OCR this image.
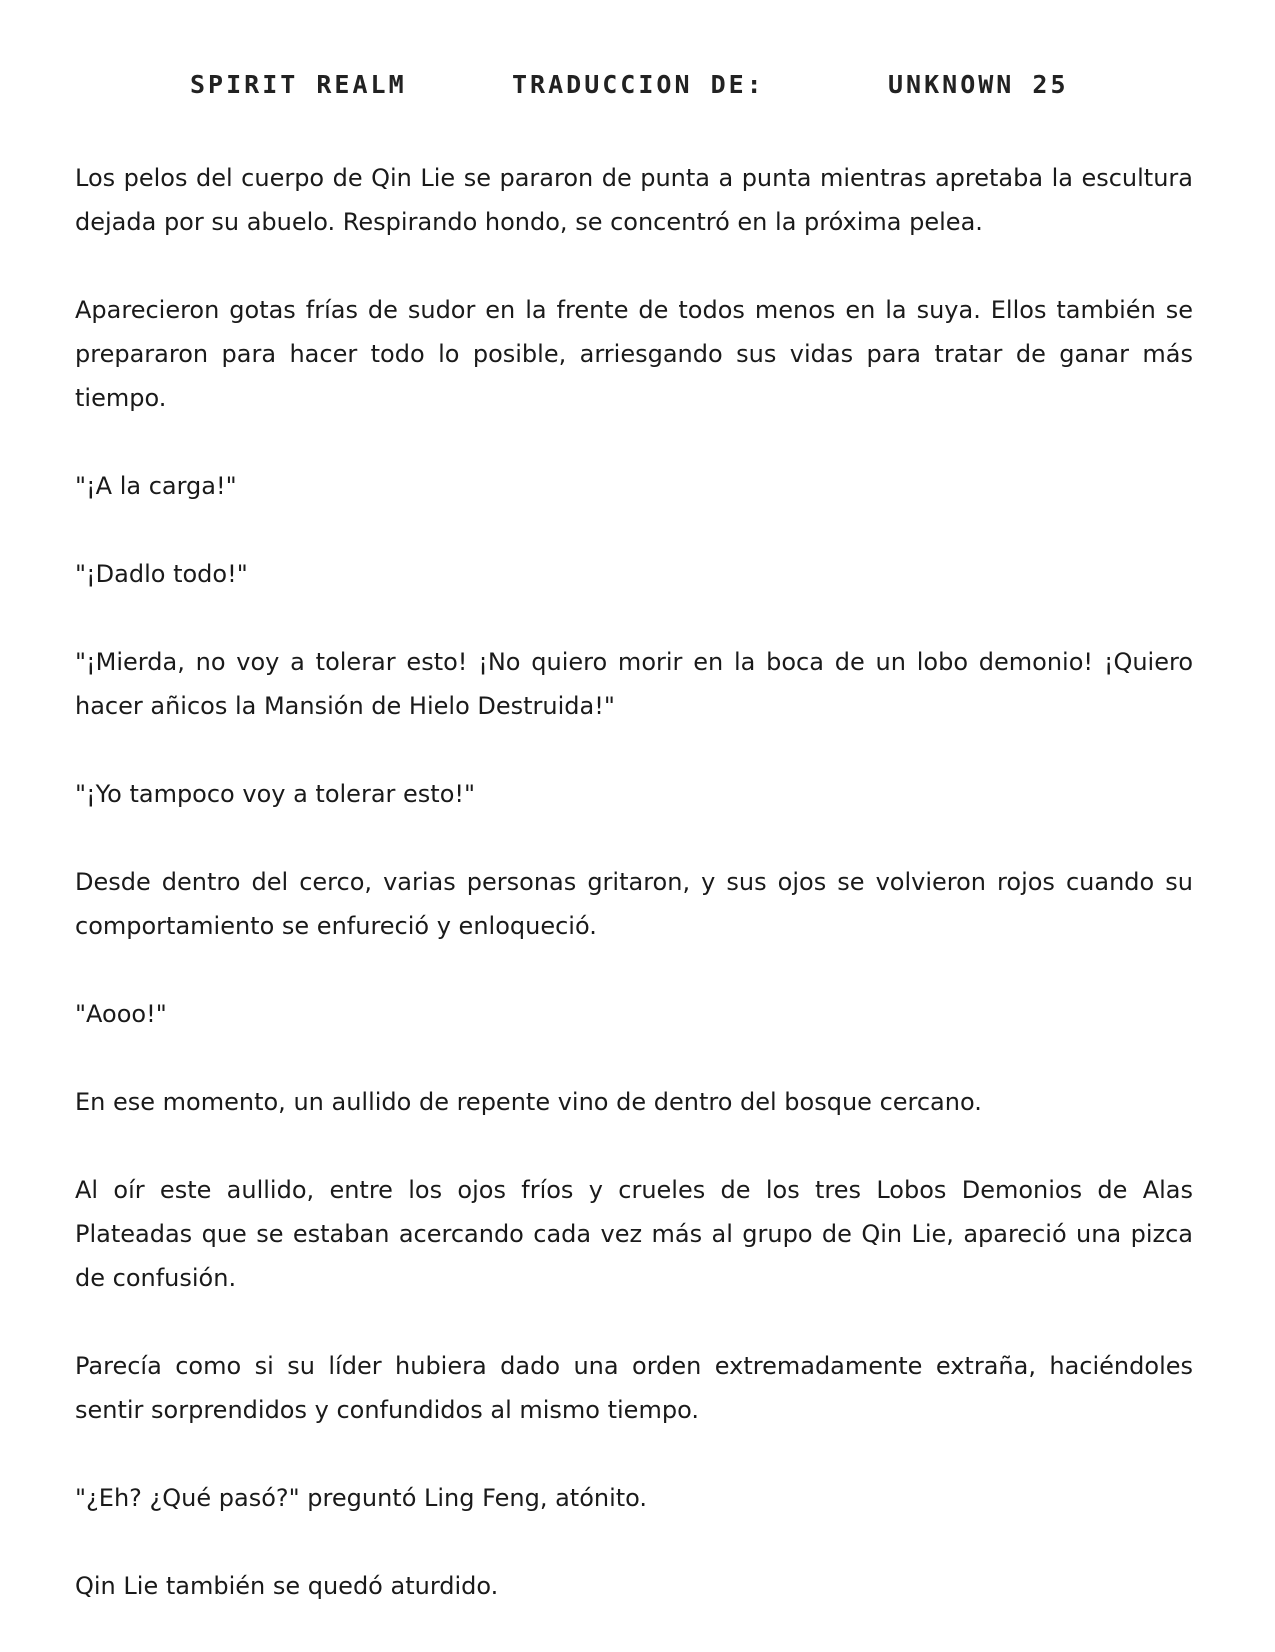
SPIRIT REALM	TRADUCCION DE:	UNKNOWN 25

Los pelos del cuerpo de Qin Lie se pararon de punta a punta mientras apretaba la escultura dejada por su abuelo. Respirando hondo, se concentró en la próxima pelea.

Aparecieron gotas frías de sudor en la frente de todos menos en la suya. Ellos también se prepararon para hacer todo lo posible, arriesgando sus vidas para tratar de ganar más tiempo.

"¡A la carga!"

"¡Dadlo todo!"

"¡Mierda, no voy a tolerar esto! ¡No quiero morir en la boca de un lobo demonio! ¡Quiero hacer añicos la Mansión de Hielo Destruida!"

"¡Yo tampoco voy a tolerar esto!"

Desde dentro del cerco, varias personas gritaron, y sus ojos se volvieron rojos cuando su comportamiento se enfureció y enloqueció.

"Aooo!"

En ese momento, un aullido de repente vino de dentro del bosque cercano.

Al oír este aullido, entre los ojos fríos y crueles de los tres Lobos Demonios de Alas Plateadas que se estaban acercando cada vez más al grupo de Qin Lie, apareció una pizca de confusión.

Parecía como si su líder hubiera dado una orden extremadamente extraña, haciéndoles sentir sorprendidos y confundidos al mismo tiempo.

"¿Eh? ¿Qué pasó?" preguntó Ling Feng, atónito.

Qin Lie también se quedó aturdido.
